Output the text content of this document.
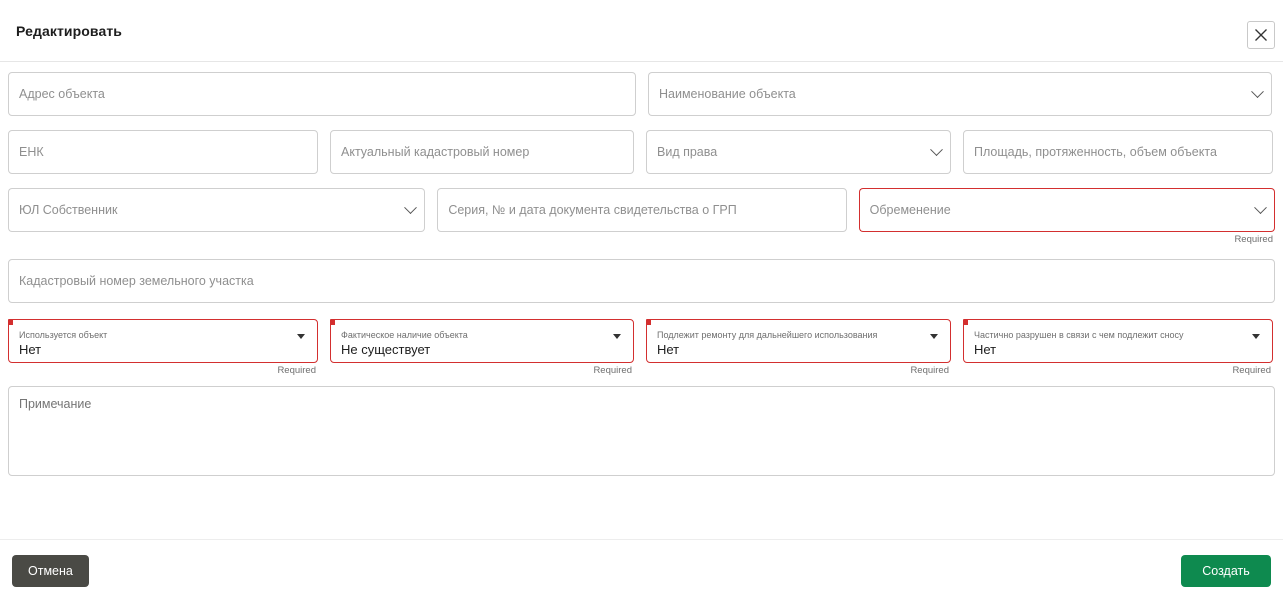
Редактировать
Адрес объекта	Наименование объекта
ЕНК	Актуальный кадастровый номер	Вид права	Площадь, протяженность, объем объекта
ЮЛ Собственник	Серия, № и дата документа свидетельства о ГРП	Обременение
Required
Кадастровый номер земельного участка
Используется объект
Нет
Required
Фактическое наличие объекта
Не существует
Required
Подлежит ремонту для дальнейшего использования
Нет
Required
Частично разрушен в связи с чем подлежит сносу
Нет
Required
Примечание
Отмена	Создать
